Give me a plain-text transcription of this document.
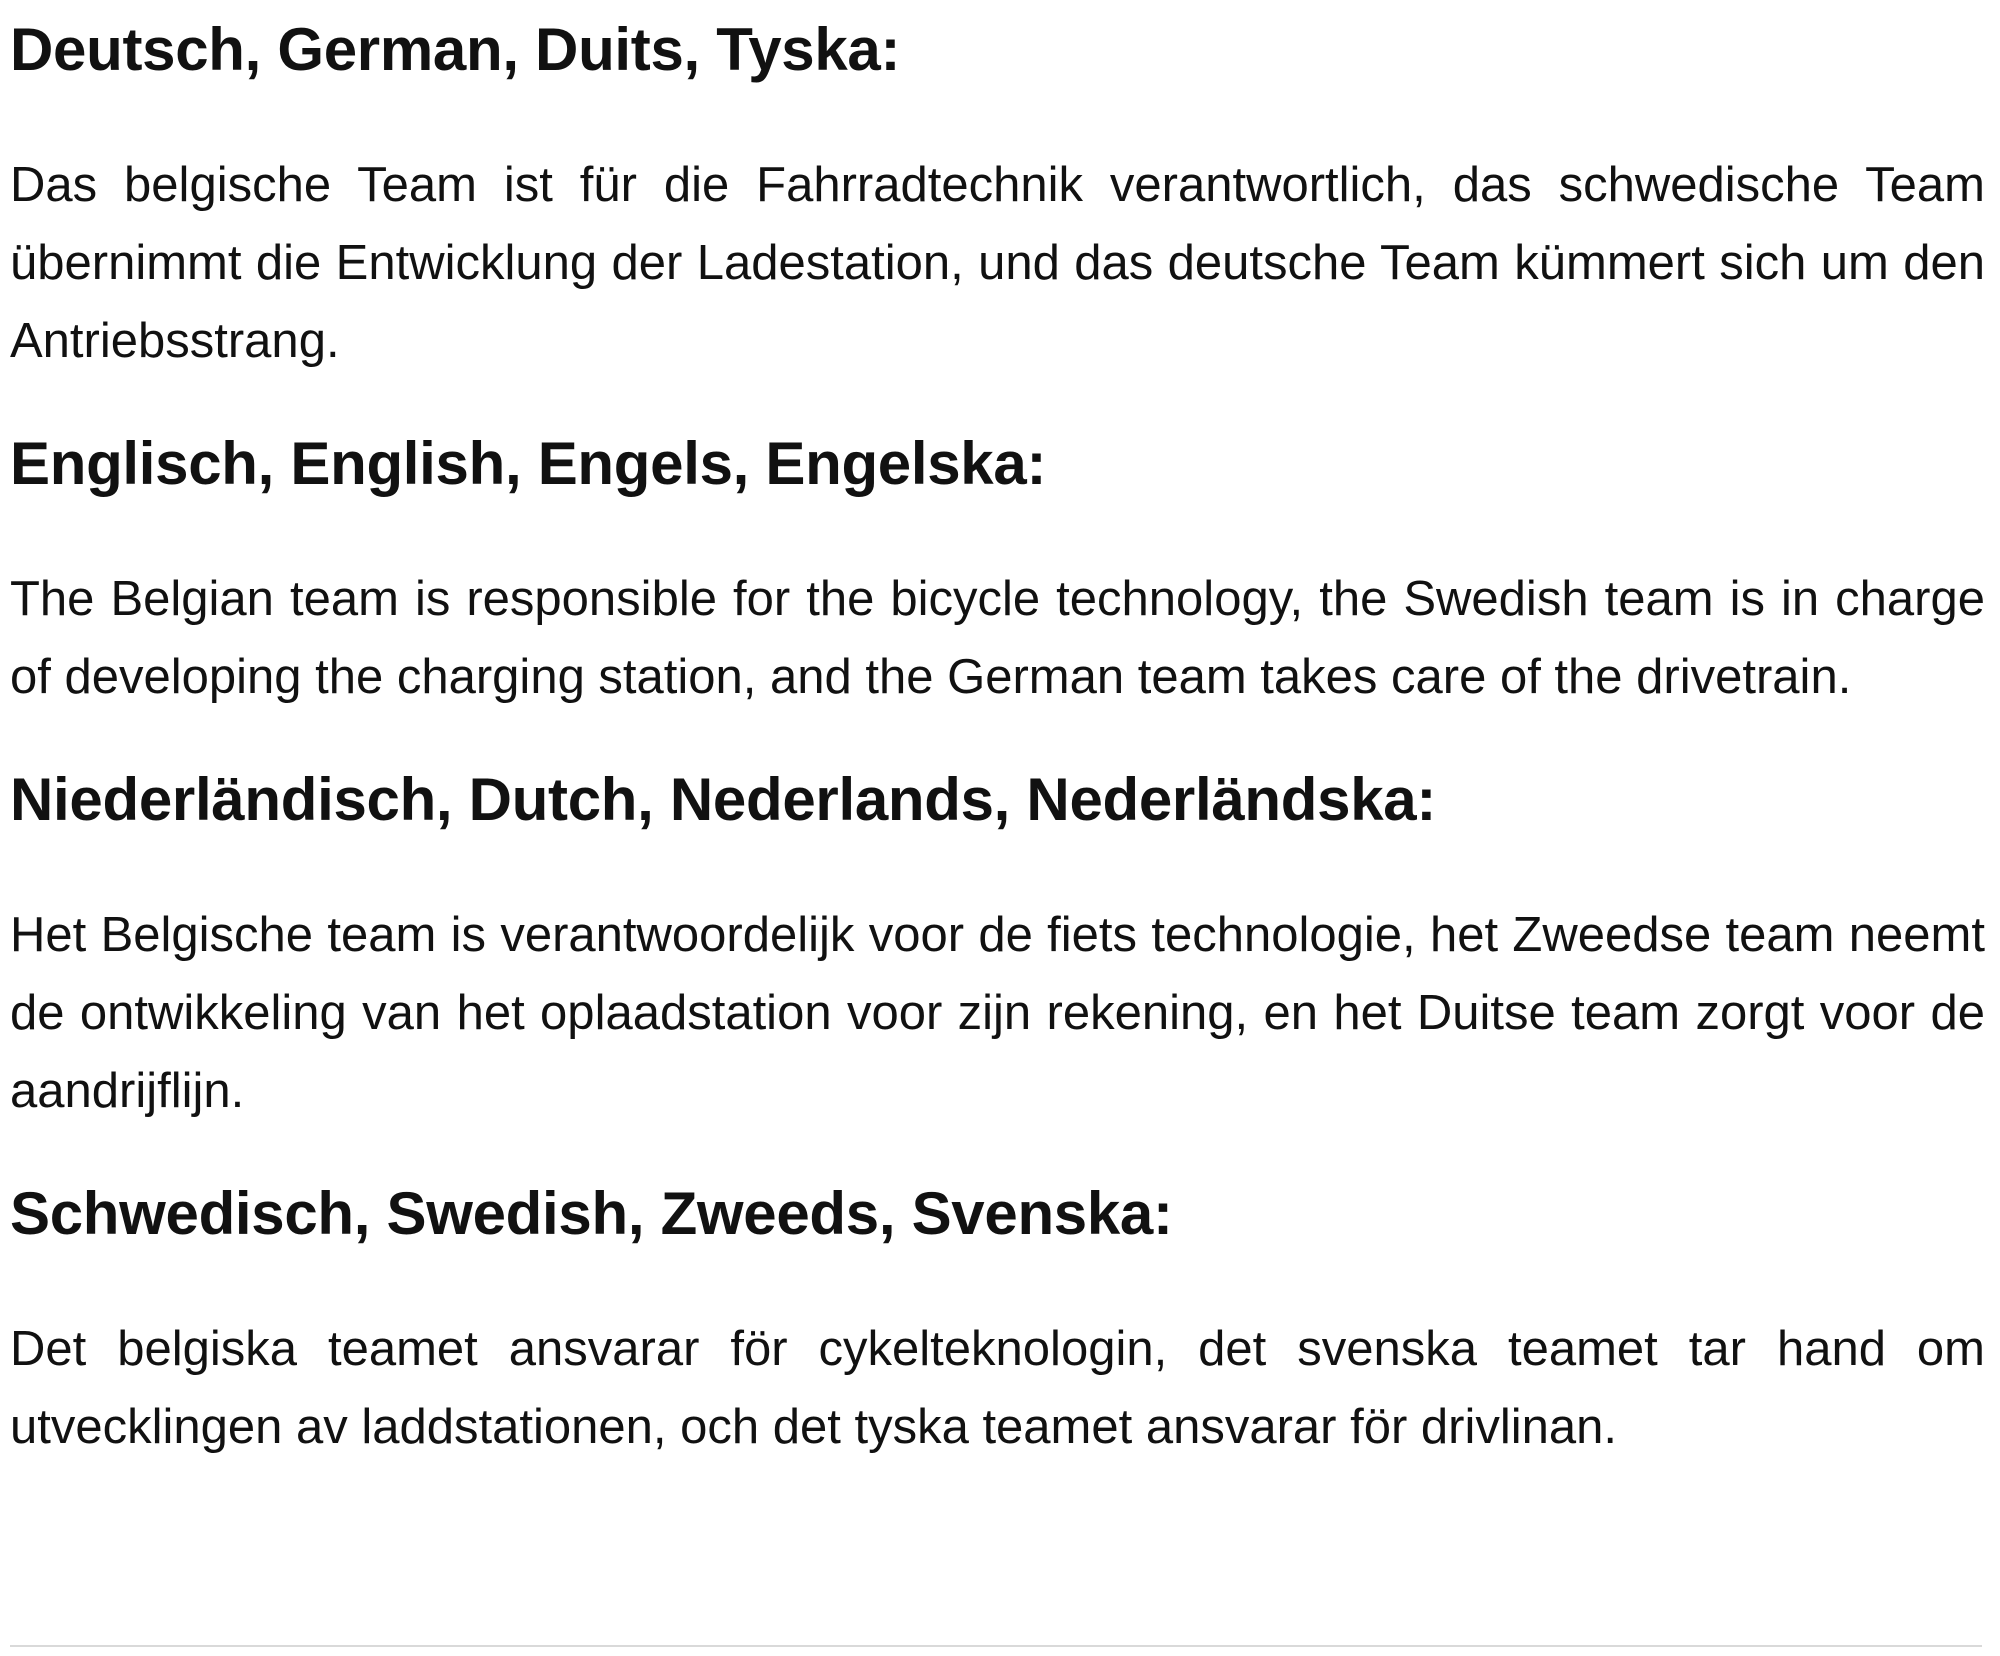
Deutsch, German, Duits, Tyska:

Das belgische Team ist für die Fahrradtechnik verantwortlich, das schwedische Team übernimmt die Entwicklung der Ladestation, und das deutsche Team kümmert sich um den Antriebsstrang.

Englisch, English, Engels, Engelska:

The Belgian team is responsible for the bicycle technology, the Swedish team is in charge of developing the charging station, and the German team takes care of the drivetrain.

Niederländisch, Dutch, Nederlands, Nederländska:

Het Belgische team is verantwoordelijk voor de fiets technologie, het Zweedse team neemt de ontwikkeling van het oplaadstation voor zijn rekening, en het Duitse team zorgt voor de aandrijflijn.

Schwedisch, Swedish, Zweeds, Svenska:

Det belgiska teamet ansvarar för cykelteknologin, det svenska teamet tar hand om utvecklingen av laddstationen, och det tyska teamet ansvarar för drivlinan.
